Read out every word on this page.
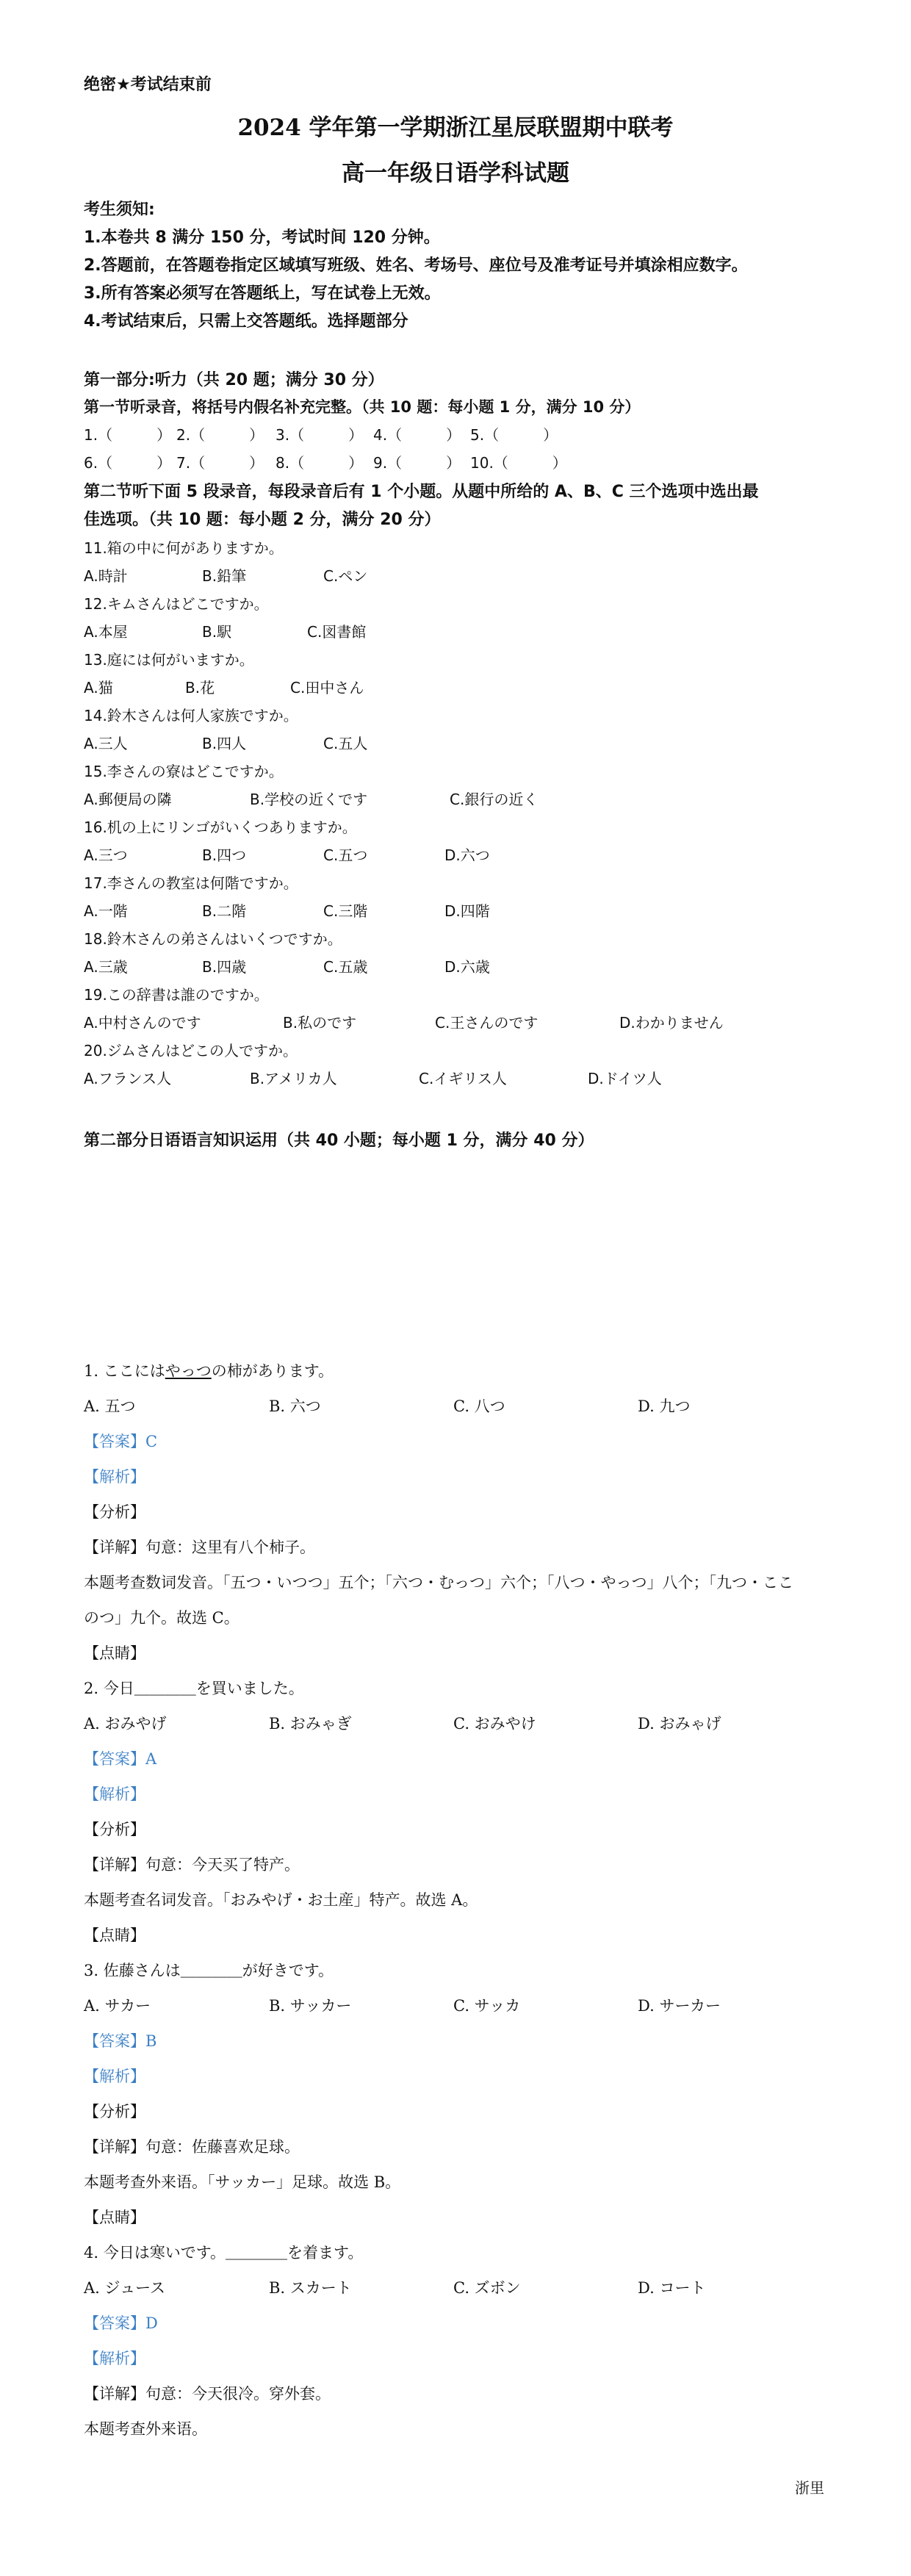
绝密★考试结束前
2024 学年第一学期浙江星辰联盟期中联考
高一年级日语学科试题
考生须知:
1.本卷共 8 满分 150 分，考试时间 120 分钟。
2.答题前，在答题卷指定区域填写班级、姓名、考场号、座位号及准考证号并填涂相应数字。
3.所有答案必须写在答题纸上，写在试卷上无效。
4.考试结束后，只需上交答题纸。选择题部分
第一部分:听力（共 20 题；满分 30 分）
第一节听录音，将括号内假名补充完整。（共 10 题：每小题 1 分，满分 10 分）
1.（　　　） 2.（　　　） 3.（　　　） 4.（　　　） 5.（　　　）
6.（　　　） 7.（　　　） 8.（　　　） 9.（　　　） 10.（　　　）
第二节听下面 5 段录音，每段录音后有 1 个小题。从题中所给的 A、B、C 三个选项中选出最
佳选项。（共 10 题：每小题 2 分，满分 20 分）
11.箱の中に何がありますか。
A.時計	B.鉛筆	C.ペン
12.キムさんはどこですか。
A.本屋	B.駅	C.図書館
13.庭には何がいますか。
A.猫	B.花	C.田中さん
14.鈴木さんは何人家族ですか。
A.三人	B.四人	C.五人
15.李さんの寮はどこですか。
A.郵便局の隣	B.学校の近くです	C.銀行の近く
16.机の上にリンゴがいくつありますか。
A.三つ	B.四つ	C.五つ	D.六つ
17.李さんの教室は何階ですか。
A.一階	B.二階	C.三階	D.四階
18.鈴木さんの弟さんはいくつですか。
A.三歳	B.四歳	C.五歳	D.六歳
19.この辞書は誰のですか。
A.中村さんのです	B.私のです	C.王さんのです	D.わかりません
20.ジムさんはどこの人ですか。
A.フランス人	B.アメリカ人	C.イギリス人	D.ドイツ人
第二部分日语语言知识运用（共 40 小题；每小题 1 分，满分 40 分）
1. ここにはやっつの柿があります。
A. 五つ	B. 六つ	C. 八つ	D. 九つ
【答案】C
【解析】
【分析】
【详解】句意：这里有八个柿子。
本题考查数词发音。「五つ・いつつ」五个；「六つ・むっつ」六个；「八つ・やっつ」八个；「九つ・ここ
のつ」九个。故选 C。
【点睛】
2. 今日＿＿＿＿を買いました。
A. おみやげ	B. おみゃぎ	C. おみやけ	D. おみゃげ
【答案】A
【解析】
【分析】
【详解】句意：今天买了特产。
本题考查名词发音。「おみやげ・お土産」特产。故选 A。
【点睛】
3. 佐藤さんは＿＿＿＿が好きです。
A. サカー	B. サッカー	C. サッカ	D. サーカー
【答案】B
【解析】
【分析】
【详解】句意：佐藤喜欢足球。
本题考查外来语。「サッカー」足球。故选 B。
【点睛】
4. 今日は寒いです。＿＿＿＿を着ます。
A. ジュース	B. スカート	C. ズボン	D. コート
【答案】D
【解析】
【详解】句意：今天很冷。穿外套。
本题考查外来语。
浙里
